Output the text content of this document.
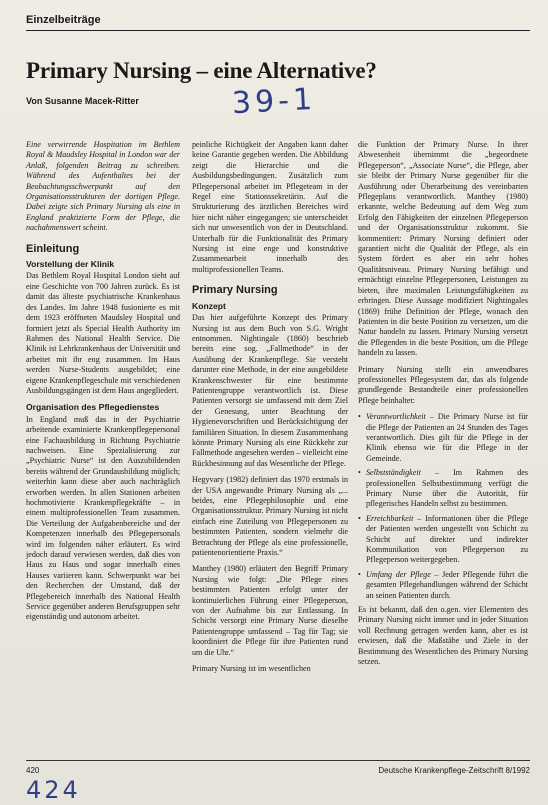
Einzelbeiträge
Primary Nursing – eine Alternative?
Von Susanne Macek-Ritter	39-1

Eine verwirrende Hospitation im Bethlem Royal & Maudsley Hospital in London war der Anlaß, folgenden Beitrag zu schreiben. Während des Aufenthaltes bei der Beobachtungsschwerpunkt auf den Organisationsstrukturen der dortigen Pflege. Dabei zeigte sich Primary Nursing als eine in England praktizierte Form der Pflege, die nachahmenswert scheint.

Einleitung
Vorstellung der Klinik

Das Bethlem Royal Hospital London sieht auf eine Geschichte von 700 Jahren zurück. Es ist damit das älteste psychiatrische Krankenhaus des Landes. Im Jahre 1948 fusionierte es mit dem 1923 eröffneten Maudsley Hospital und formiert jetzt als Special Health Authority im Rahmen des National Health Service. Die Klinik ist Lehrkrankenhaus der Universität und arbeitet mit ihr eng zusammen. Im Haus werden Nurse-Students ausgebildet; eine eigene Krankenpflegeschule mit verschiedenen Ausbildungsgängen ist dem Haus angegliedert.

Organisation des Pflegedienstes

In England muß das in der Psychiatrie arbeitende examinierte Krankenpflegepersonal eine Fachausbildung in Richtung Psychiatrie nachweisen. Eine Spezialisierung zur „Psychiatric Nurse“ ist den Auszubildenden bereits während der Grundausbildung möglich; weiterhin kann diese aber auch nachträglich erworben werden. In allen Stationen arbeiten hochmotivierte Krankenpflegekräfte – in einem multiprofessionellen Team zusammen. Die Verteilung der Aufgabenbereiche und der Kompetenzen innerhalb des Pflegepersonals wird im folgenden näher erläutert. Es wird jedoch darauf verwiesen werden, daß dies von Haus zu Haus und sogar innerhalb eines Hauses variieren kann. Schwerpunkt war bei den Recherchen der Umstand, daß der Pflegebereich innerhalb des National Health Service gegenüber anderen Berufsgruppen sehr eigenständig und autonom arbeitet.

peinliche Richtigkeit der Angaben kann daher keine Garantie gegeben werden. Die Abbildung zeigt die Hierarchie und die Ausbildungsbedingungen. Zusätzlich zum Pflegepersonal arbeitet im Pflegeteam in der Regel eine Stationssekretärin. Auf die Strukturierung des ärztlichen Bereiches wird hier nicht näher eingegangen; sie unterscheidet sich nur unwesentlich von der in Deutschland. Unterhalb für die Funktionalität des Primary Nursing ist eine enge und konstruktive Zusammenarbeit innerhalb des multiprofessionellen Teams.

Primary Nursing
Konzept

Das hier aufgeführte Konzept des Primary Nursing ist aus dem Buch von S.G. Wright entnommen. Nightingale (1860) beschrieb bereits eine sog. „Fallmethode“ in der Ausübung der Krankenpflege. Sie versteht darunter eine Methode, in der eine ausgebildete Krankenschwester für eine bestimmte Patientengruppe verantwortlich ist. Diese Patienten versorgt sie umfassend mit dem Ziel der Genesung, unter Beachtung der Hygienevorschriften und Berücksichtigung der familiären Situation. In diesem Zusammenhang könnte Primary Nursing als eine Rückkehr zur Fallmethode angesehen werden – vielleicht eine Rückbesinnung auf das Wesentliche der Pflege.

Hegyvary (1982) definiert das 1970 erstmals in der USA angewandte Primary Nursing als „... beides, eine Pflegephilosophie und eine Organisationsstruktur. Primary Nursing ist nicht einfach eine Zuteilung von Pflegepersonen zu bestimmten Patienten, sondern vielmehr die Betrachtung der Pflege als eine professionelle, patientenorientierte Praxis.“

Manthey (1980) erläutert den Begriff Primary Nursing wie folgt: „Die Pflege eines bestimmten Patienten erfolgt unter der kontinuierlichen Führung einer Pflegeperson, von der Aufnahme bis zur Entlassung. In Schicht versorgt eine Primary Nurse dieselbe Patientengruppe umfassend – Tag für Tag; sie koordiniert die Pflege für ihre Patienten rund um die Uhr.“

Primary Nursing ist im wesentlichen

die Funktion der Primary Nurse. In ihrer Abwesenheit übernimmt die „begeordnete Pflegeperson“, „Associate Nurse“, die Pflege, aber sie bleibt der Primary Nurse gegenüber für die Ausführung oder Überarbeitung des vereinbarten Pflegeplans verantwortlich. Manthey (1980) erkannte, welche Bedeutung auf dem Weg zum Erfolg den Fähigkeiten der einzelnen Pflegeperson und der Organisationsstruktur zukommt. Sie kommentiert: Primary Nursing definiert oder garantiert nicht die Qualität der Pflege, als ein System fördert es aber ein sehr hohes Qualitätsniveau. Primary Nursing befähigt und ermächtigt einzelne Pflegepersonen, Leistungen zu bieten, ihre maximalen Leistungsfähigkeiten zu erbringen. Diese Aussage modifiziert Nightingales (1869) frühe Definition der Pflege, wonach den Patienten in die beste Position zu versetzen, um die Natur handeln zu lassen. Primary Nursing versetzt die Pflegenden in die beste Position, um die Pflege handeln zu lassen.

Primary Nursing stellt ein anwendbares professionelles Pflegesystem dar, das als folgende grundlegende Bestandteile einer professionellen Pflege beinhaltet:

• Verantwortlichkeit – Die Primary Nurse ist für die Pflege der Patienten an 24 Stunden des Tages verantwortlich. Dies gilt für die Pflege in der Klinik ebenso wie für die Pflege in der Gemeinde.
• Selbstständigkeit – Im Rahmen des professionellen Selbstbestimmung verfügt die Primary Nurse über die Autorität, für pflegerisches Handeln selbst zu bestimmen.
• Erreichbarkeit – Informationen über die Pflege der Patienten werden ungestellt von Schicht zu Schicht auf direkter und indirekter Kommunikation von Pflegeperson zu Pflegeperson weitergegeben.
• Umfang der Pflege – Jeder Pflegende führt die gesamten Pflegehandlungen während der Schicht an seinen Patienten durch.

Es ist bekannt, daß den o.gen. vier Elementen des Primary Nursing nicht immer und in jeder Situation voll Rechnung getragen werden kann, aber es ist erwiesen, daß die Maßstäbe und Ziele in der Bestimmung des Wesentlichen des Primary Nursing setzen.

420	Deutsche Krankenpflege-Zeitschrift 8/1992
424
